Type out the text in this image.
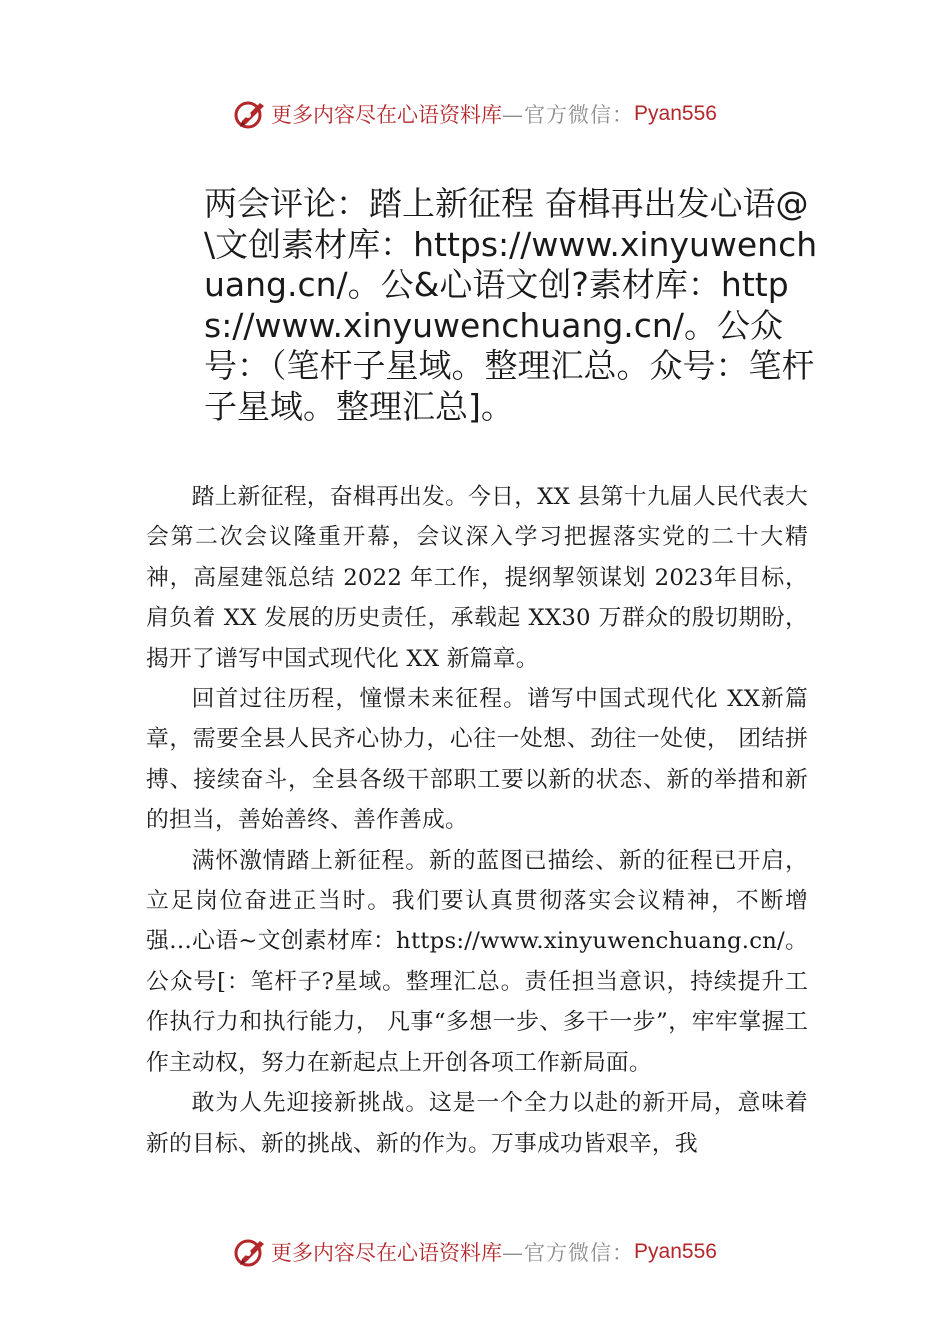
更多内容尽在心语资料库 —官方微信： Pyan556
两会评论：踏上新征程 奋楫再出发心语@\文创素材库：https://www.xinyuwenchuang.cn/。公&心语文创?素材库：https://www.xinyuwenchuang.cn/。公众号：（笔杆子星域。整理汇总。众号：笔杆子星域。整理汇总]。

踏上新征程，奋楫再出发。今日，XX 县第十九届人民代表大会第二次会议隆重开幕，会议深入学习把握落实党的二十大精神，高屋建瓴总结 2022 年工作，提纲挈领谋划 2023年目标，肩负着 XX 发展的历史责任，承载起 XX30 万群众的殷切期盼，揭开了谱写中国式现代化 XX 新篇章。

回首过往历程，憧憬未来征程。谱写中国式现代化 XX新篇章，需要全县人民齐心协力，心往一处想、劲往一处使， 团结拼搏、接续奋斗，全县各级干部职工要以新的状态、新的举措和新的担当，善始善终、善作善成。

满怀激情踏上新征程。新的蓝图已描绘、新的征程已开启，立足岗位奋进正当时。我们要认真贯彻落实会议精神，不断增强…心语~文创素材库：https://www.xinyuwenchuang.cn/。公众号[：笔杆子?星域。整理汇总。责任担当意识，持续提升工作执行力和执行能力， 凡事“多想一步、多干一步”，牢牢掌握工作主动权，努力在新起点上开创各项工作新局面。

敢为人先迎接新挑战。这是一个全力以赴的新开局，意味着新的目标、新的挑战、新的作为。万事成功皆艰辛，我

更多内容尽在心语资料库 —官方微信： Pyan556
